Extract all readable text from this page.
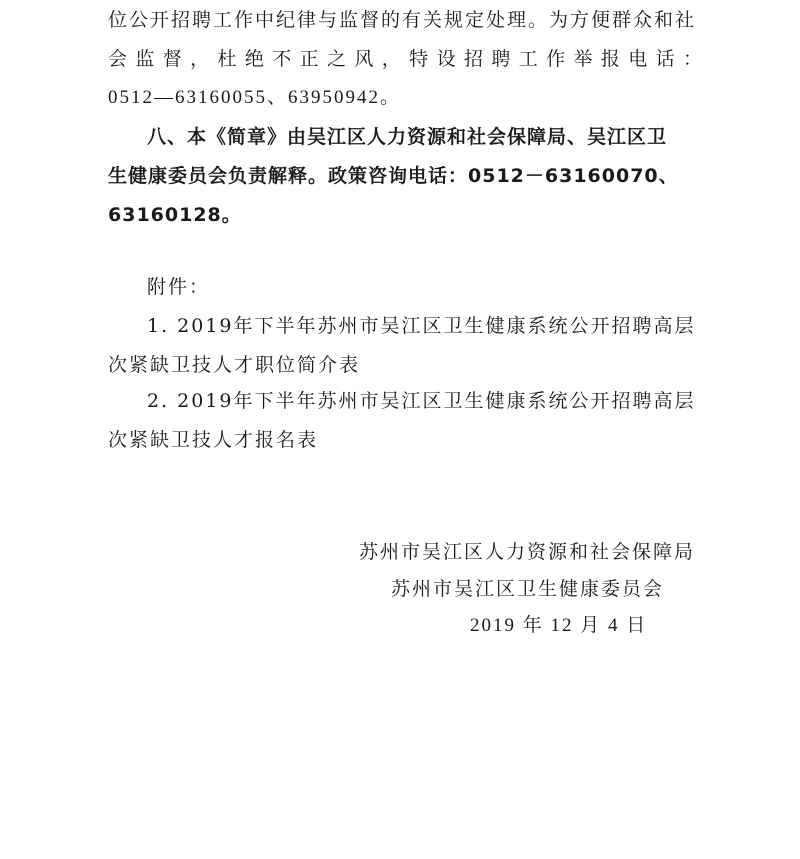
位公开招聘工作中纪律与监督的有关规定处理。为方便群众和社
会 监 督 ， 杜 绝 不 正 之 风 ， 特 设 招 聘 工 作 举 报 电 话 ：
0512—63160055、63950942。
八、本《简章》由吴江区人力资源和社会保障局、吴江区卫
生健康委员会负责解释。政策咨询电话：0512－63160070、
63160128。
附件：
1. 2019年下半年苏州市吴江区卫生健康系统公开招聘高层
次紧缺卫技人才职位简介表
2. 2019年下半年苏州市吴江区卫生健康系统公开招聘高层
次紧缺卫技人才报名表
苏州市吴江区人力资源和社会保障局
苏州市吴江区卫生健康委员会
2019 年 12 月 4 日
